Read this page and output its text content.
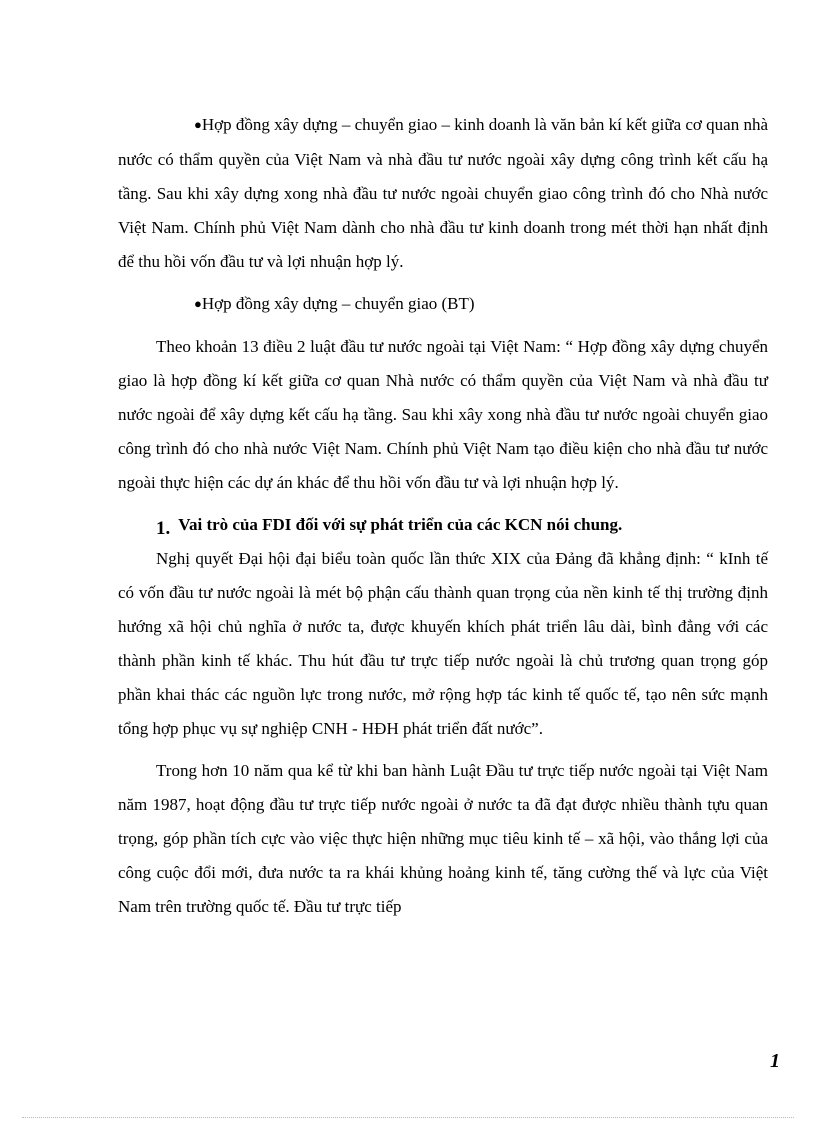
●Hợp đồng xây dựng – chuyển giao – kinh doanh là văn bản kí kết giữa cơ quan nhà nước có thẩm quyền của Việt Nam và nhà đầu tư nước ngoài xây dựng công trình kết cấu hạ tầng. Sau khi xây dựng xong nhà đầu tư nước ngoài chuyển giao công trình đó cho Nhà nước Việt Nam. Chính phủ Việt Nam dành cho nhà đầu tư kinh doanh trong mét thời hạn nhất định để thu hồi vốn đầu tư và lợi nhuận hợp lý.

●Hợp đồng xây dựng – chuyển giao (BT)

Theo khoản 13 điều 2 luật đầu tư nước ngoài tại Việt Nam: “ Hợp đồng xây dựng chuyển giao là hợp đồng kí kết giữa cơ quan Nhà nước có thẩm quyền của Việt Nam và nhà đầu tư nước ngoài để xây dựng kết cấu hạ tầng. Sau khi xây xong nhà đầu tư nước ngoài chuyển giao công trình đó cho nhà nước Việt Nam. Chính phủ Việt Nam tạo điều kiện cho nhà đầu tư nước ngoài thực hiện các dự án khác để thu hồi vốn đầu tư và lợi nhuận hợp lý.

1. Vai trò của FDI đối với sự phát triển của các KCN nói chung.

Nghị quyết Đại hội đại biểu toàn quốc lần thức XIX của Đảng đã khẳng định: “ kInh tế có vốn đầu tư nước ngoài là mét bộ phận cấu thành quan trọng của nền kinh tế thị trường định hướng xã hội chủ nghĩa ở nước ta, được khuyến khích phát triển lâu dài, bình đẳng với các thành phần kinh tế khác. Thu hút đầu tư trực tiếp nước ngoài là chủ trương quan trọng góp phần khai thác các nguồn lực trong nước, mở rộng hợp tác kinh tế quốc tế, tạo nên sức mạnh tổng hợp phục vụ sự nghiệp CNH - HĐH phát triển đất nước”.

Trong hơn 10 năm qua kể từ khi ban hành Luật Đầu tư trực tiếp nước ngoài tại Việt Nam năm 1987, hoạt động đầu tư trực tiếp nước ngoài ở nước ta đã đạt được nhiều thành tựu quan trọng, góp phần tích cực vào việc thực hiện những mục tiêu kinh tế – xã hội, vào thắng lợi của công cuộc đổi mới, đưa nước ta ra khái khủng hoảng kinh tế, tăng cường thế và lực của Việt Nam trên trường quốc tế. Đầu tư trực tiếp

1
